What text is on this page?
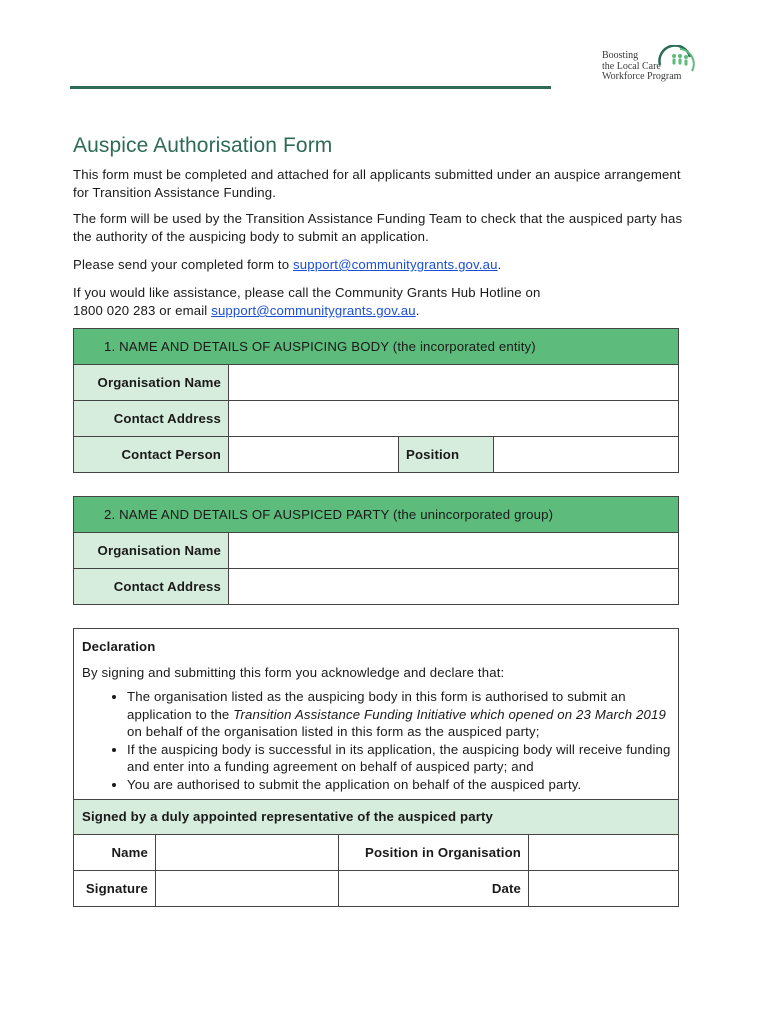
Boosting
the Local Care
Workforce Program
Auspice Authorisation Form

This form must be completed and attached for all applicants submitted under an auspice arrangement for Transition Assistance Funding.

The form will be used by the Transition Assistance Funding Team to check that the auspiced party has the authority of the auspicing body to submit an application.

Please send your completed form to support@communitygrants.gov.au.

If you would like assistance, please call the Community Grants Hub Hotline on
1800 020 283 or email support@communitygrants.gov.au.

1. NAME AND DETAILS OF AUSPICING BODY (the incorporated entity)			
Organisation Name			
Contact Address			
Contact Person		Position	
2. NAME AND DETAILS OF AUSPICED PARTY (the unincorporated group)	
Organisation Name	
Contact Address	
Declaration
By signing and submitting this form you acknowledge and declare that:
• The organisation listed as the auspicing body in this form is authorised to submit an application to the Transition Assistance Funding Initiative which opened on 23 March 2019 on behalf of the organisation listed in this form as the auspiced party;
• If the auspicing body is successful in its application, the auspicing body will receive funding and enter into a funding agreement on behalf of auspiced party; and
• You are authorised to submit the application on behalf of the auspiced party.
Signed by a duly appointed representative of the auspiced party
Name		Position in Organisation	
Signature		Date	
